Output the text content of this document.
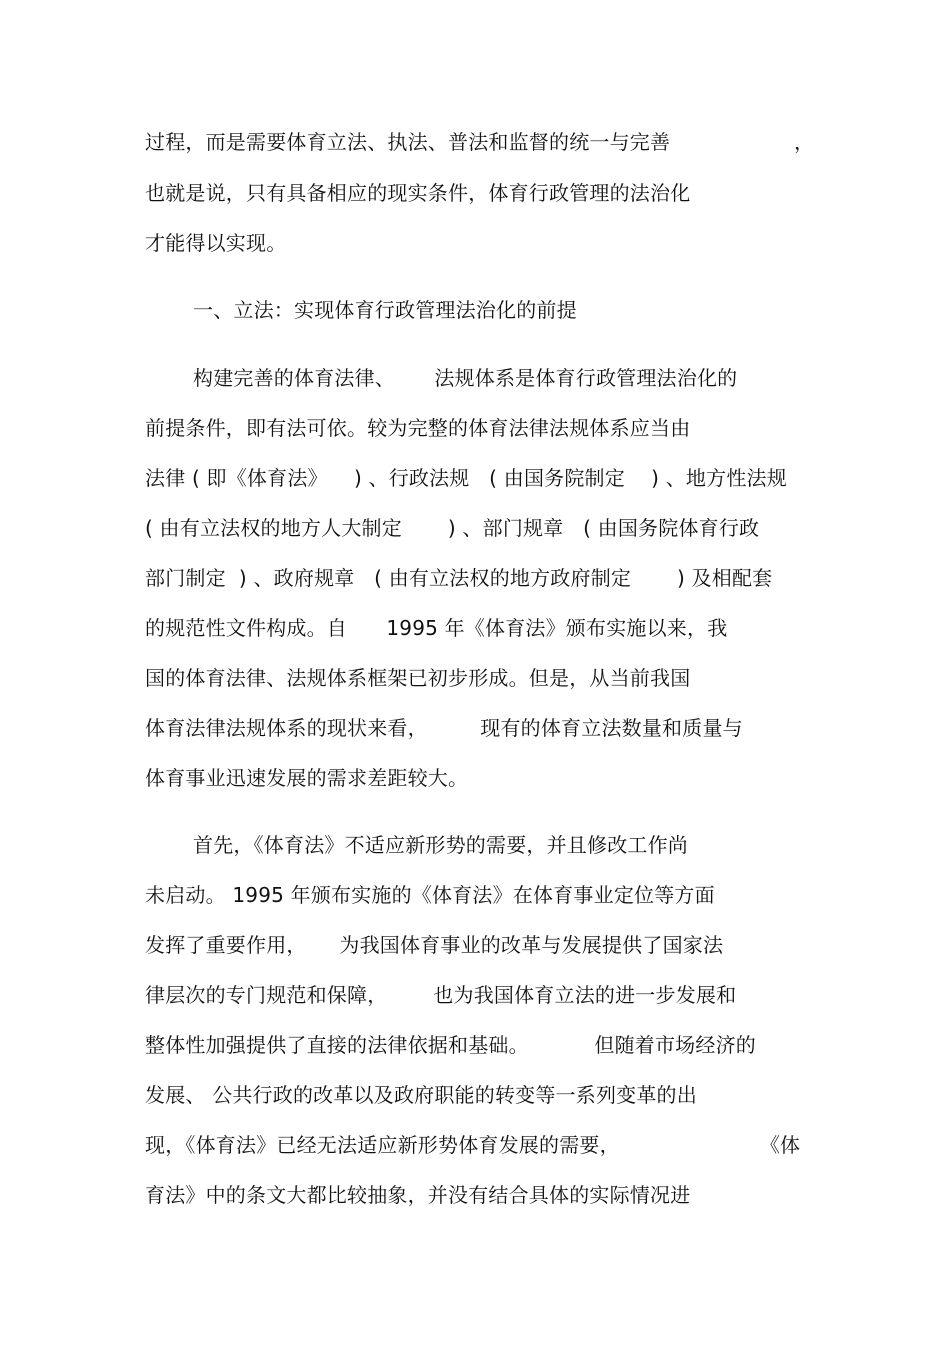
过程，而是需要体育立法、执法、普法和监督的统一与完善	，
也就是说，只有具备相应的现实条件，体育行政管理的法治化
才能得以实现。
一、立法：实现体育行政管理法治化的前提
构建完善的体育法律、      法规体系是体育行政管理法治化的
前提条件，即有法可依。较为完整的体育法律法规体系应当由
法律 ( 即《体育法》    ) 、行政法规   ( 由国务院制定    ) 、地方性法规
( 由有立法权的地方人大制定       ) 、部门规章   ( 由国务院体育行政
部门制定  ) 、政府规章   ( 由有立法权的地方政府制定       ) 及相配套
的规范性文件构成。自      1995 年《体育法》颁布实施以来，我
国的体育法律、法规体系框架已初步形成。但是，从当前我国
体育法律法规体系的现状来看，        现有的体育立法数量和质量与
体育事业迅速发展的需求差距较大。
首先，《体育法》不适应新形势的需要，并且修改工作尚
未启动。 1995 年颁布实施的《体育法》在体育事业定位等方面
发挥了重要作用，     为我国体育事业的改革与发展提供了国家法
律层次的专门规范和保障，       也为我国体育立法的进一步发展和
整体性加强提供了直接的法律依据和基础。          但随着市场经济的
发展、 公共行政的改革以及政府职能的转变等一系列变革的出
现，《体育法》已经无法适应新形势体育发展的需要，	《体
育法》中的条文大都比较抽象，并没有结合具体的实际情况进
